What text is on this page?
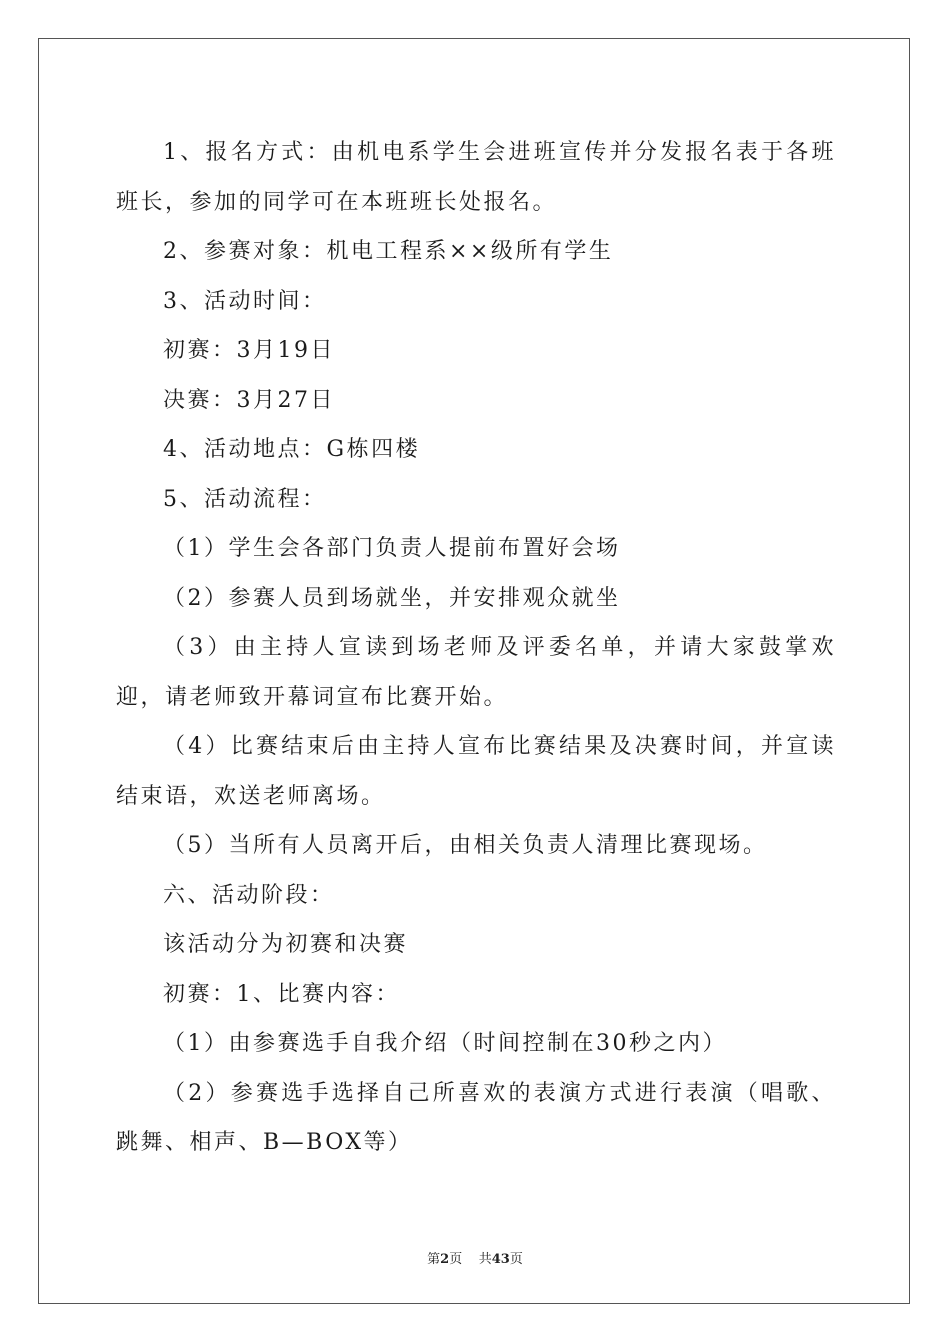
1、报名方式：由机电系学生会进班宣传并分发报名表于各班班长，参加的同学可在本班班长处报名。

2、参赛对象：机电工程系××级所有学生

3、活动时间：

初赛：3月19日

决赛：3月27日

4、活动地点：G栋四楼

5、活动流程：

（1）学生会各部门负责人提前布置好会场

（2）参赛人员到场就坐，并安排观众就坐

（3）由主持人宣读到场老师及评委名单，并请大家鼓掌欢迎，请老师致开幕词宣布比赛开始。

（4）比赛结束后由主持人宣布比赛结果及决赛时间，并宣读结束语，欢送老师离场。

（5）当所有人员离开后，由相关负责人清理比赛现场。

六、活动阶段：

该活动分为初赛和决赛

初赛：1、比赛内容：

（1）由参赛选手自我介绍（时间控制在30秒之内）

（2）参赛选手选择自己所喜欢的表演方式进行表演（唱歌、跳舞、相声、B—BOX等）

第2页    共43页
